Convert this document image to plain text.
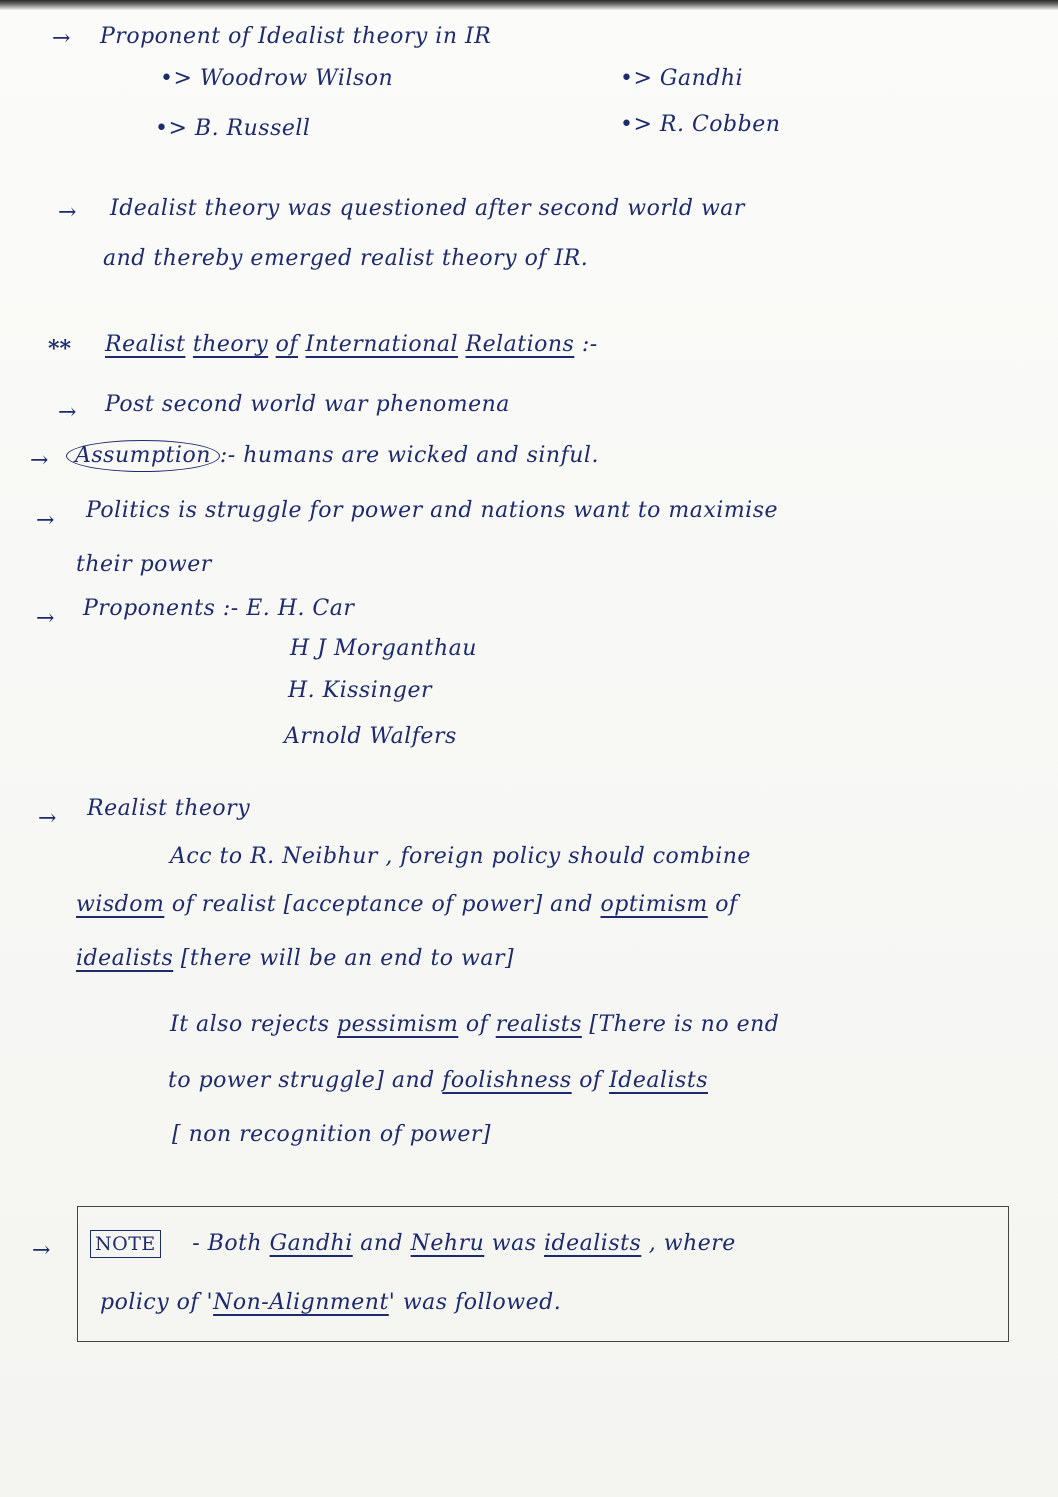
→ Proponent of Idealist theory in IR
•> Woodrow Wilson	•> Gandhi
•> B. Russell	•> R. Cobben
→ Idealist theory was questioned after second world war
and thereby emerged realist theory of IR.
** Realist theory of International Relations :-
→ Post second world war phenomena
→	Assumption :- humans are wicked and sinful.
→ Politics is struggle for power and nations want to maximise
their power
→ Proponents :- E. H. Car
H J Morganthau
H. Kissinger
Arnold Walfers
→ Realist theory
Acc to R. Neibhur , foreign policy should combine
wisdom of realist [acceptance of power] and optimism of
idealists [there will be an end to war]
It also rejects pessimism of realists [There is no end
to power struggle] and foolishness of Idealists
[ non recognition of power]
→ NOTE - Both Gandhi and Nehru was idealists , where
policy of 'Non-Alignment' was followed.
